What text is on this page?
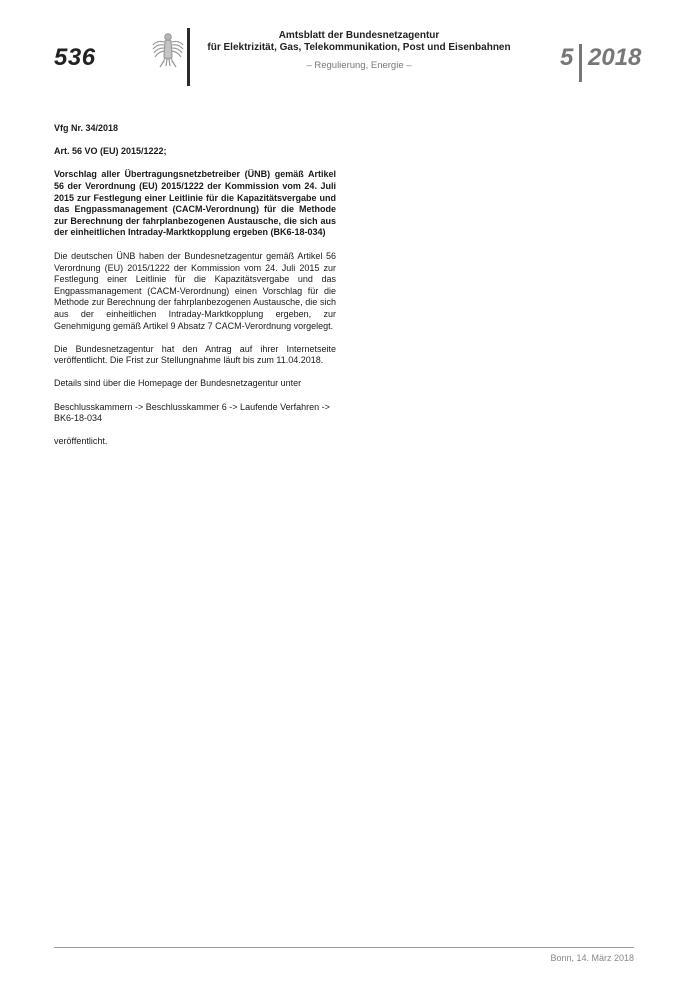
536
Amtsblatt der Bundesnetzagentur
für Elektrizität, Gas, Telekommunikation, Post und Eisenbahnen
– Regulierung, Energie –	5 2018

Vfg Nr. 34/2018

Art. 56 VO (EU) 2015/1222;

Vorschlag aller Übertragungsnetzbetreiber (ÜNB) gemäß Artikel 56 der Verordnung (EU) 2015/1222 der Kommission vom 24. Juli 2015 zur Festlegung einer Leitlinie für die Kapazitätsvergabe und das Engpassmanagement (CACM-Verordnung) für die Methode zur Berechnung der fahrplanbezogenen Austausche, die sich aus der einheitlichen Intraday-Marktkopplung ergeben (BK6-18-034)

Die deutschen ÜNB haben der Bundesnetzagentur gemäß Artikel 56 Verordnung (EU) 2015/1222 der Kommission vom 24. Juli 2015 zur Festlegung einer Leitlinie für die Kapazitätsvergabe und das Engpassmanagement (CACM-Verordnung) einen Vorschlag für die Methode zur Berechnung der fahrplanbezogenen Austausche, die sich aus der einheitlichen Intraday-Marktkopplung ergeben, zur Genehmigung gemäß Artikel 9 Absatz 7 CACM-Verordnung vorgelegt.

Die Bundesnetzagentur hat den Antrag auf ihrer Internetseite veröffentlicht. Die Frist zur Stellungnahme läuft bis zum 11.04.2018.

Details sind über die Homepage der Bundesnetzagentur unter

Beschlusskammern -> Beschlusskammer 6 -> Laufende Verfahren -> BK6-18-034

veröffentlicht.

Bonn, 14. März 2018
